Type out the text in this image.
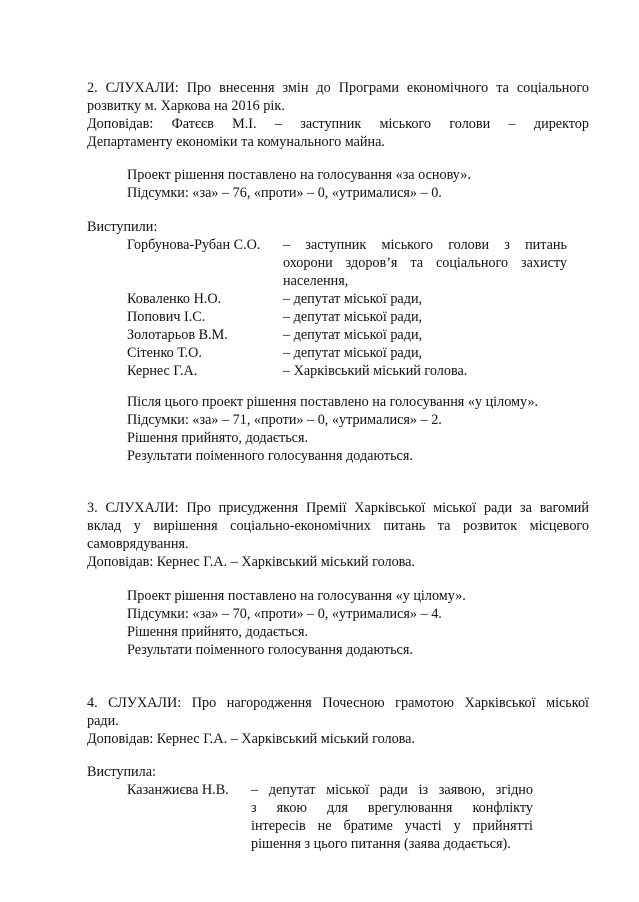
2. СЛУХАЛИ: Про внесення змін до Програми економічного та соціального
розвитку м. Харкова на 2016 рік.
Доповідав: Фатєєв М.І. – заступник міського голови – директор
Департаменту економіки та комунального майна.
Проект рішення поставлено на голосування «за основу».
Підсумки: «за» – 76, «проти» – 0, «утрималися» – 0.
Виступили:
Горбунова-Рубан С.О. – заступник міського голови з питань
охорони здоров’я та соціального захисту
населення,
Коваленко Н.О.	– депутат міської ради,
Попович І.С.	– депутат міської ради,
Золотарьов В.М.	– депутат міської ради,
Сітенко Т.О.	– депутат міської ради,
Кернес Г.А.	– Харківський міський голова.
Після цього проект рішення поставлено на голосування «у цілому».
Підсумки: «за» – 71, «проти» – 0, «утрималися» – 2.
Рішення прийнято, додається.
Результати поіменного голосування додаються.
3. СЛУХАЛИ: Про присудження Премії Харківської міської ради за вагомий
вклад у вирішення соціально-економічних питань та розвиток місцевого
самоврядування.
Доповідав: Кернес Г.А. – Харківський міський голова.
Проект рішення поставлено на голосування «у цілому».
Підсумки: «за» – 70, «проти» – 0, «утрималися» – 4.
Рішення прийнято, додається.
Результати поіменного голосування додаються.
4. СЛУХАЛИ: Про нагородження Почесною грамотою Харківської міської
ради.
Доповідав: Кернес Г.А. – Харківський міський голова.
Виступила:
Казанжиєва Н.В. – депутат міської ради із заявою, згідно
з якою для врегулювання конфлікту
інтересів не братиме участі у прийнятті
рішення з цього питання (заява додається).
